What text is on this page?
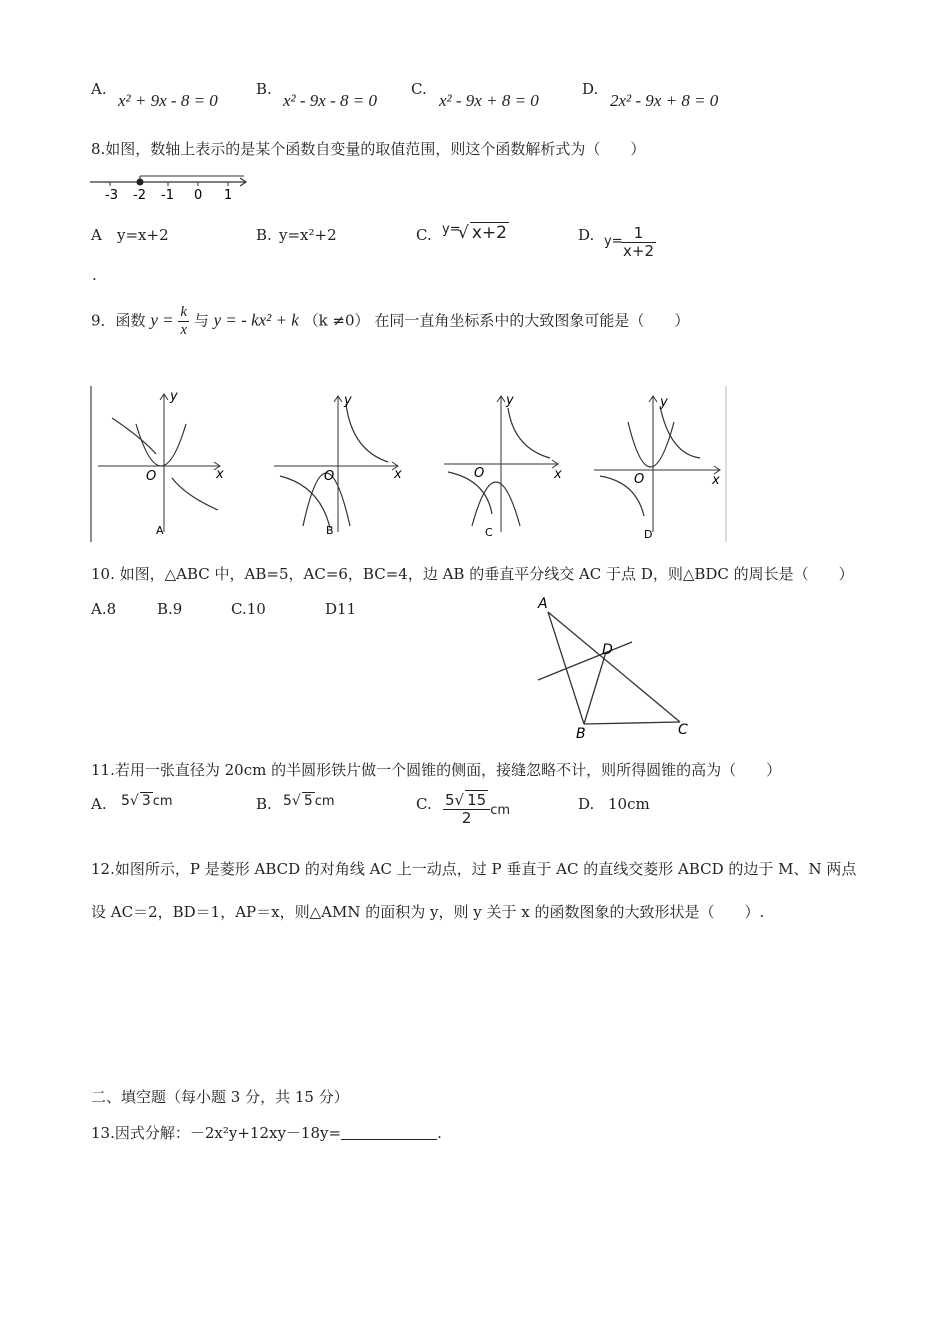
A.
x² + 9x - 8 = 0
B.
x² - 9x - 8 = 0
C.
x² - 9x + 8 = 0
D.
2x² - 9x + 8 = 0
8.如图，数轴上表示的是某个函数自变量的取值范围，则这个函数解析式为（　　）
-3 -2 -1 0 1
A y=x+2	B. y=x²+2	C. y=
√ x+2	D. y=
$\frac{1}{x+2}$
.
9．函数 $y = \frac{k}{x}$ 与 y = - kx² + k （k ≠0） 在同一直角坐标系中的大致图象可能是（　　）
y
x
O
A
y
x
O
B
y
x
O
C
y
x
O
D
10. 如图，△ABC 中，AB=5，AC=6，BC=4，边 AB 的垂直平分线交 AC 于点 D，则△BDC 的周长是（　　）
A.8	B.9	C.10	D11	A
D
B	C
11.若用一张直径为 20cm 的半圆形铁片做一个圆锥的侧面，接缝忽略不计，则所得圆锥的高为（　　）
A. 5√ 3 cm	B. 5√ 5 cm	C. $\frac{5√ 15}{2}$ cm	D. 10cm
12.如图所示，P 是菱形 ABCD 的对角线 AC 上一动点，过 P 垂直于 AC 的直线交菱形 ABCD 的边于 M、N 两点
设 AC＝2，BD＝1，AP＝x，则△AMN 的面积为 y，则 y 关于 x 的函数图象的大致形状是（　　）.
二、填空题（每小题 3 分，共 15 分）
13.因式分解：－2x²y+12xy－18y=	.
